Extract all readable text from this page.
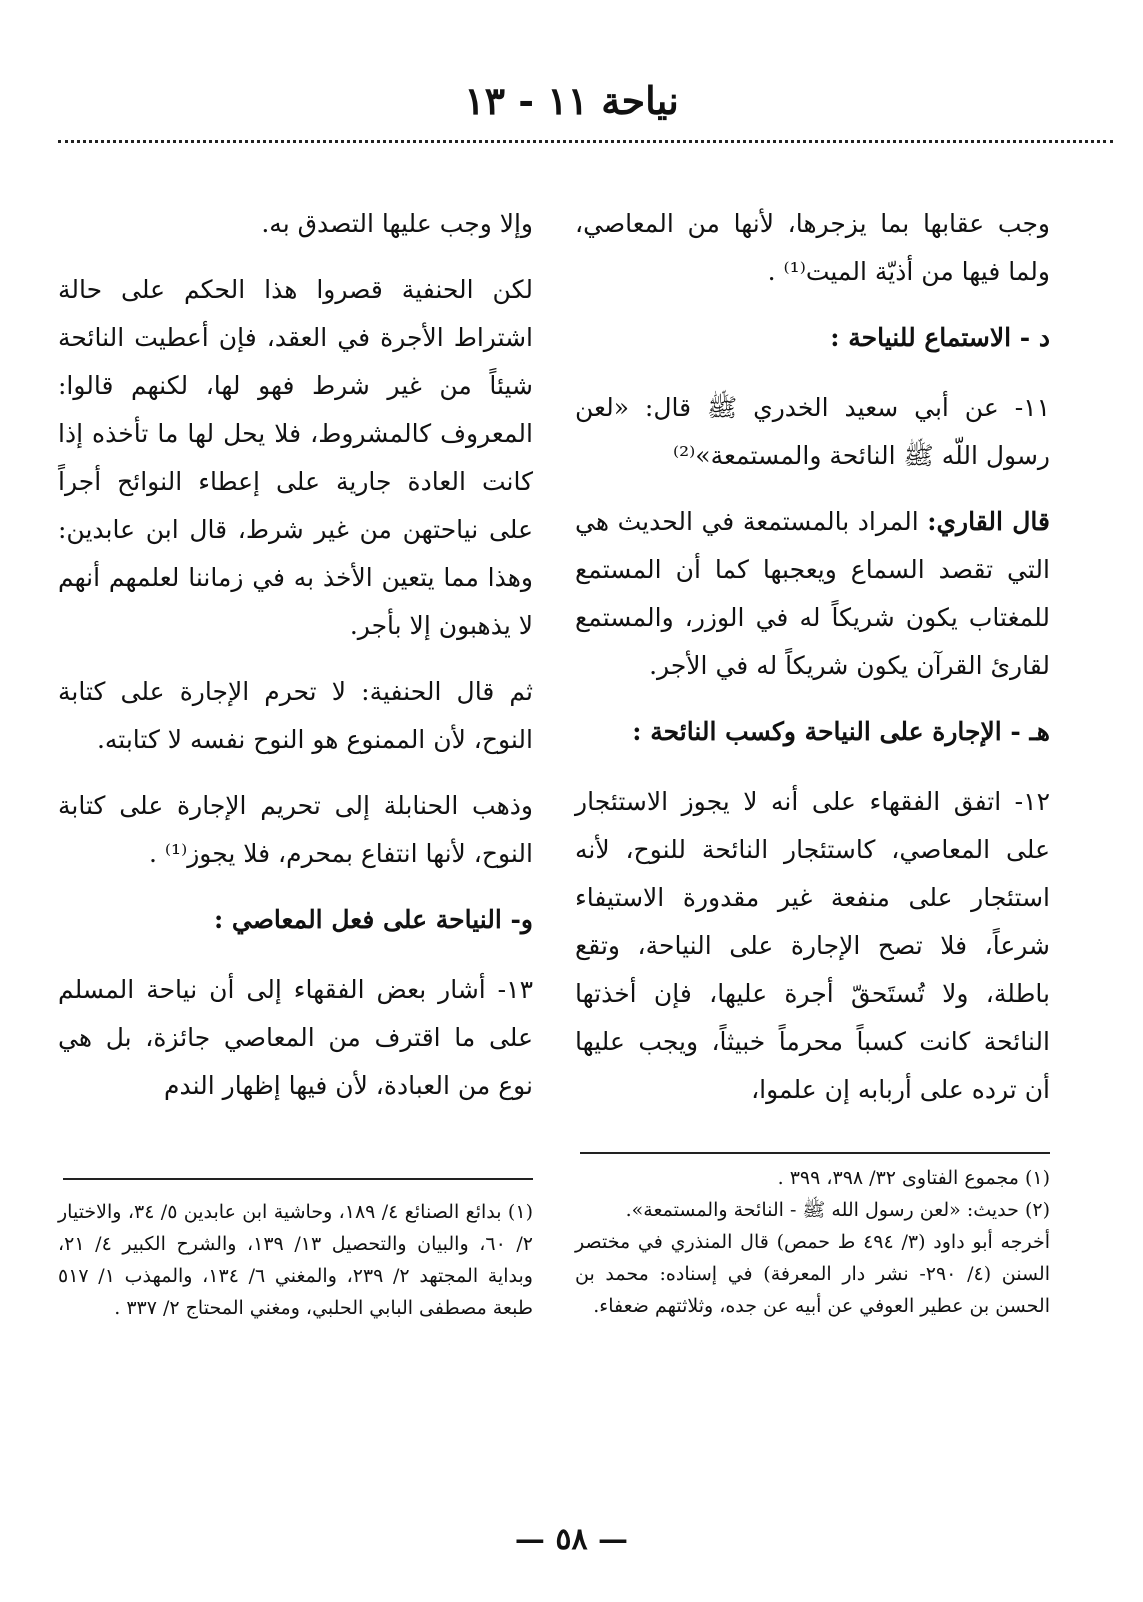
نياحة ١١ - ١٣

وجب عقابها بما يزجرها، لأنها من المعاصي، ولما فيها من أذيّة الميت⁽¹⁾ .

د - الاستماع للنياحة :

١١- عن أبي سعيد الخدري ﷺ قال: «لعن رسول اللّه ﷺ النائحة والمستمعة»⁽²⁾

قال القاري: المراد بالمستمعة في الحديث هي التي تقصد السماع ويعجبها كما أن المستمع للمغتاب يكون شريكاً له في الوزر، والمستمع لقارئ القرآن يكون شريكاً له في الأجر.

هـ - الإجارة على النياحة وكسب النائحة :

١٢- اتفق الفقهاء على أنه لا يجوز الاستئجار على المعاصي، كاستئجار النائحة للنوح، لأنه استئجار على منفعة غير مقدورة الاستيفاء شرعاً، فلا تصح الإجارة على النياحة، وتقع باطلة، ولا تُستَحقّ أجرة عليها، فإن أخذتها النائحة كانت كسباً محرماً خبيثاً، ويجب عليها أن ترده على أربابه إن علموا،

وإلا وجب عليها التصدق به.

لكن الحنفية قصروا هذا الحكم على حالة اشتراط الأجرة في العقد، فإن أعطيت النائحة شيئاً من غير شرط فهو لها، لكنهم قالوا: المعروف كالمشروط، فلا يحل لها ما تأخذه إذا كانت العادة جارية على إعطاء النوائح أجراً على نياحتهن من غير شرط، قال ابن عابدين: وهذا مما يتعين الأخذ به في زماننا لعلمهم أنهم لا يذهبون إلا بأجر.

ثم قال الحنفية: لا تحرم الإجارة على كتابة النوح، لأن الممنوع هو النوح نفسه لا كتابته.

وذهب الحنابلة إلى تحريم الإجارة على كتابة النوح، لأنها انتفاع بمحرم، فلا يجوز⁽¹⁾ .

و- النياحة على فعل المعاصي :

١٣- أشار بعض الفقهاء إلى أن نياحة المسلم على ما اقترف من المعاصي جائزة، بل هي نوع من العبادة، لأن فيها إظهار الندم

(١) مجموع الفتاوى ٣٢/ ٣٩٨، ٣٩٩ .

(٢) حديث: «لعن رسول الله ﷺ - النائحة والمستمعة».

أخرجه أبو داود (٣/ ٤٩٤ ط حمص) قال المنذري في مختصر السنن (٤/ ٢٩٠- نشر دار المعرفة) في إسناده: محمد بن الحسن بن عطير العوفي عن أبيه عن جده، وثلاثتهم ضعفاء.

(١) بدائع الصنائع ٤/ ١٨٩، وحاشية ابن عابدين ٥/ ٣٤، والاختيار ٢/ ٦٠، والبيان والتحصيل ١٣/ ١٣٩، والشرح الكبير ٤/ ٢١، وبداية المجتهد ٢/ ٢٣٩، والمغني ٦/ ١٣٤، والمهذب ١/ ٥١٧ طبعة مصطفى البابي الحلبي، ومغني المحتاج ٢/ ٣٣٧ .

— ٥٨ —
